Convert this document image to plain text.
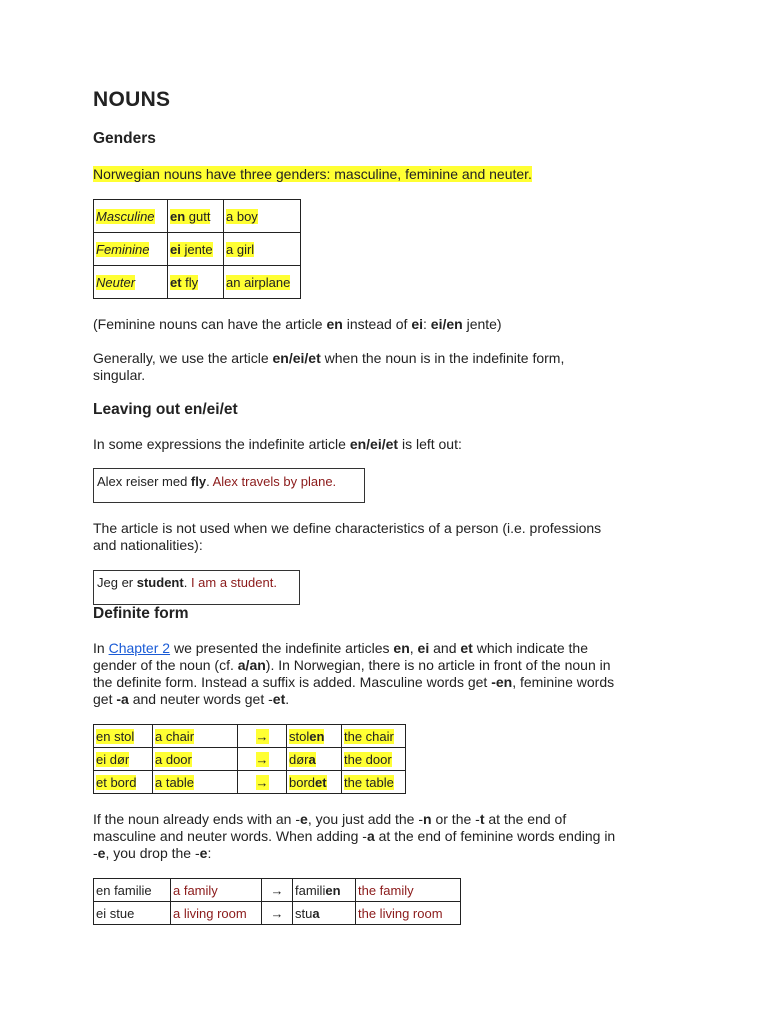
NOUNS
Genders

Norwegian nouns have three genders: masculine, feminine and neuter.

Masculine	en gutt	a boy
Feminine	ei jente	a girl
Neuter	et fly	an airplane

(Feminine nouns can have the article en instead of ei: ei/en jente)

Generally, we use the article en/ei/et when the noun is in the indefinite form,
singular.

Leaving out en/ei/et

In some expressions the indefinite article en/ei/et is left out:

Alex reiser med fly. Alex travels by plane.

The article is not used when we define characteristics of a person (i.e. professions
and nationalities):

Jeg er student. I am a student.
Definite form

In Chapter 2 we presented the indefinite articles en, ei and et which indicate the
gender of the noun (cf. a/an). In Norwegian, there is no article in front of the noun in
the definite form. Instead a suffix is added. Masculine words get -en, feminine words
get -a and neuter words get -et.

en stol	a chair	→	stolen	the chair
ei dør	a door	→	døra	the door
et bord	a table	→	bordet	the table

If the noun already ends with an -e, you just add the -n or the -t at the end of
masculine and neuter words. When adding -a at the end of feminine words ending in
-e, you drop the -e:

en familie	a family	→	familien	the family
ei stue	a living room	→	stua	the living room
